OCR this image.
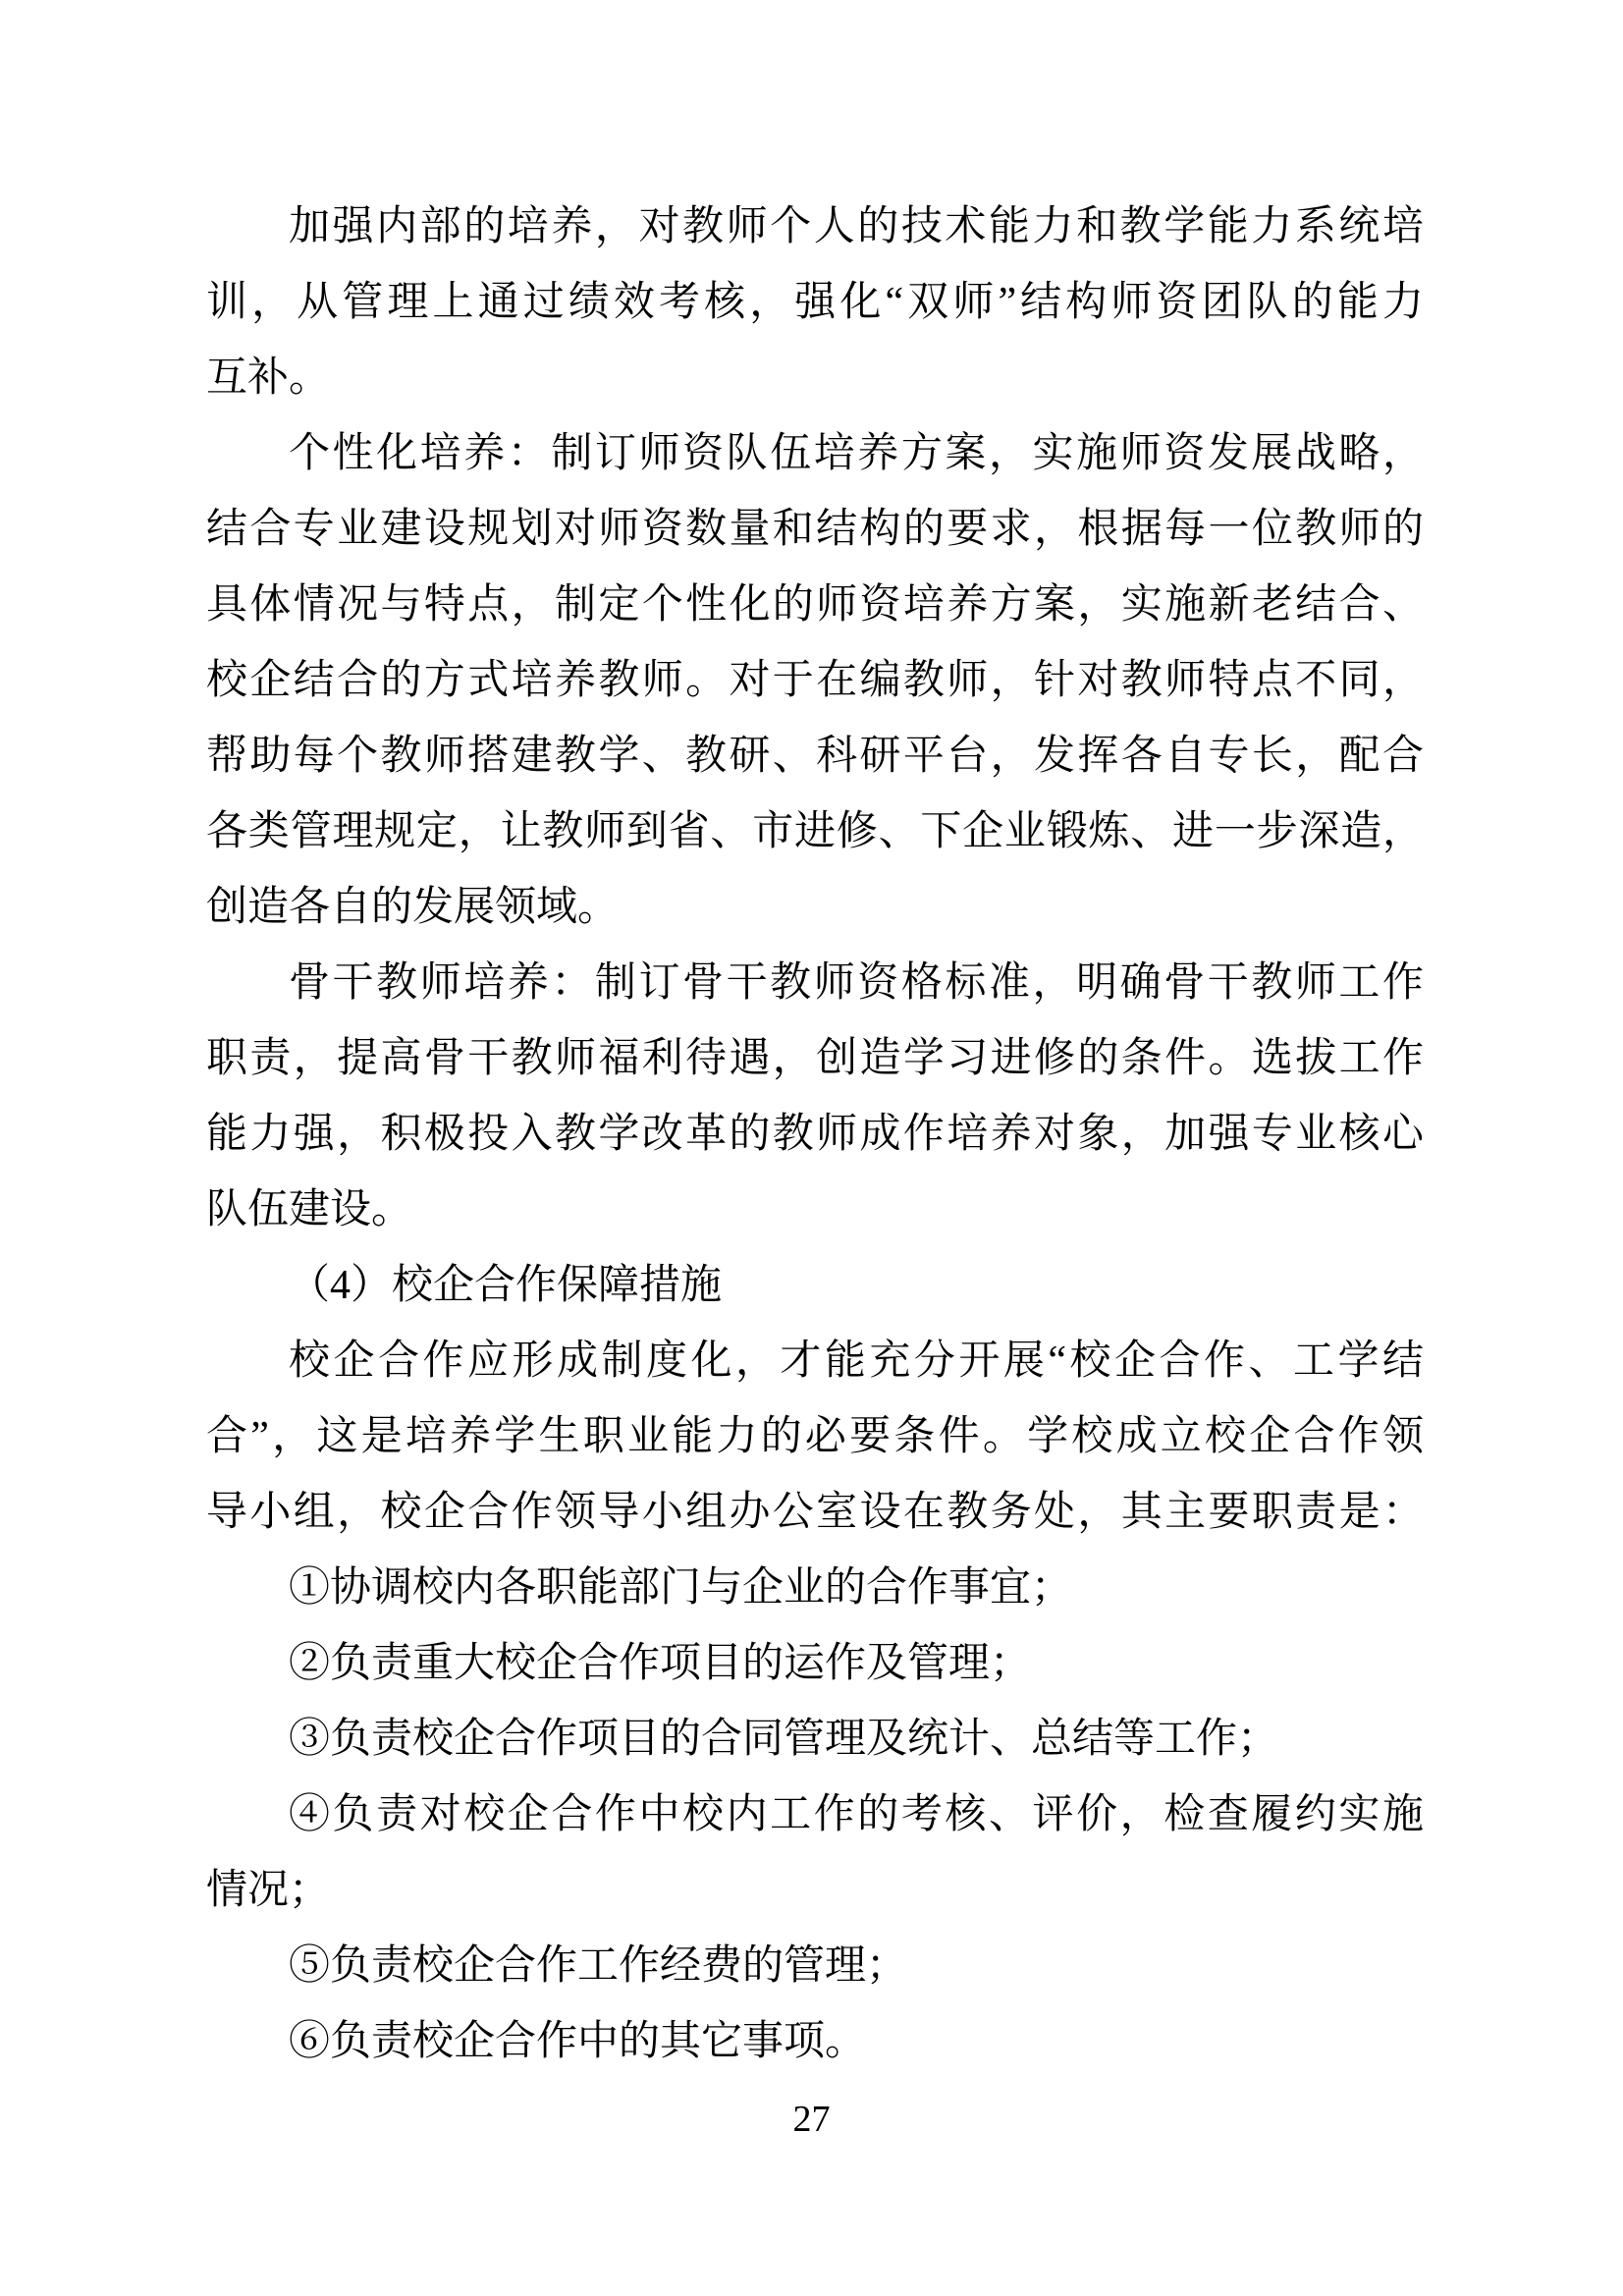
加强内部的培养，对教师个人的技术能力和教学能力系统培
训，从管理上通过绩效考核，强化“双师”结构师资团队的能力
互补。
个性化培养：制订师资队伍培养方案，实施师资发展战略，
结合专业建设规划对师资数量和结构的要求，根据每一位教师的
具体情况与特点，制定个性化的师资培养方案，实施新老结合、
校企结合的方式培养教师。对于在编教师，针对教师特点不同，
帮助每个教师搭建教学、教研、科研平台，发挥各自专长，配合
各类管理规定，让教师到省、市进修、下企业锻炼、进一步深造，
创造各自的发展领域。
骨干教师培养：制订骨干教师资格标准，明确骨干教师工作
职责，提高骨干教师福利待遇，创造学习进修的条件。选拔工作
能力强，积极投入教学改革的教师成作培养对象，加强专业核心
队伍建设。
（4）校企合作保障措施
校企合作应形成制度化，才能充分开展“校企合作、工学结
合”，这是培养学生职业能力的必要条件。学校成立校企合作领
导小组，校企合作领导小组办公室设在教务处，其主要职责是：
①协调校内各职能部门与企业的合作事宜；
②负责重大校企合作项目的运作及管理；
③负责校企合作项目的合同管理及统计、总结等工作；
④负责对校企合作中校内工作的考核、评价，检查履约实施
情况；
⑤负责校企合作工作经费的管理；
⑥负责校企合作中的其它事项。
27
